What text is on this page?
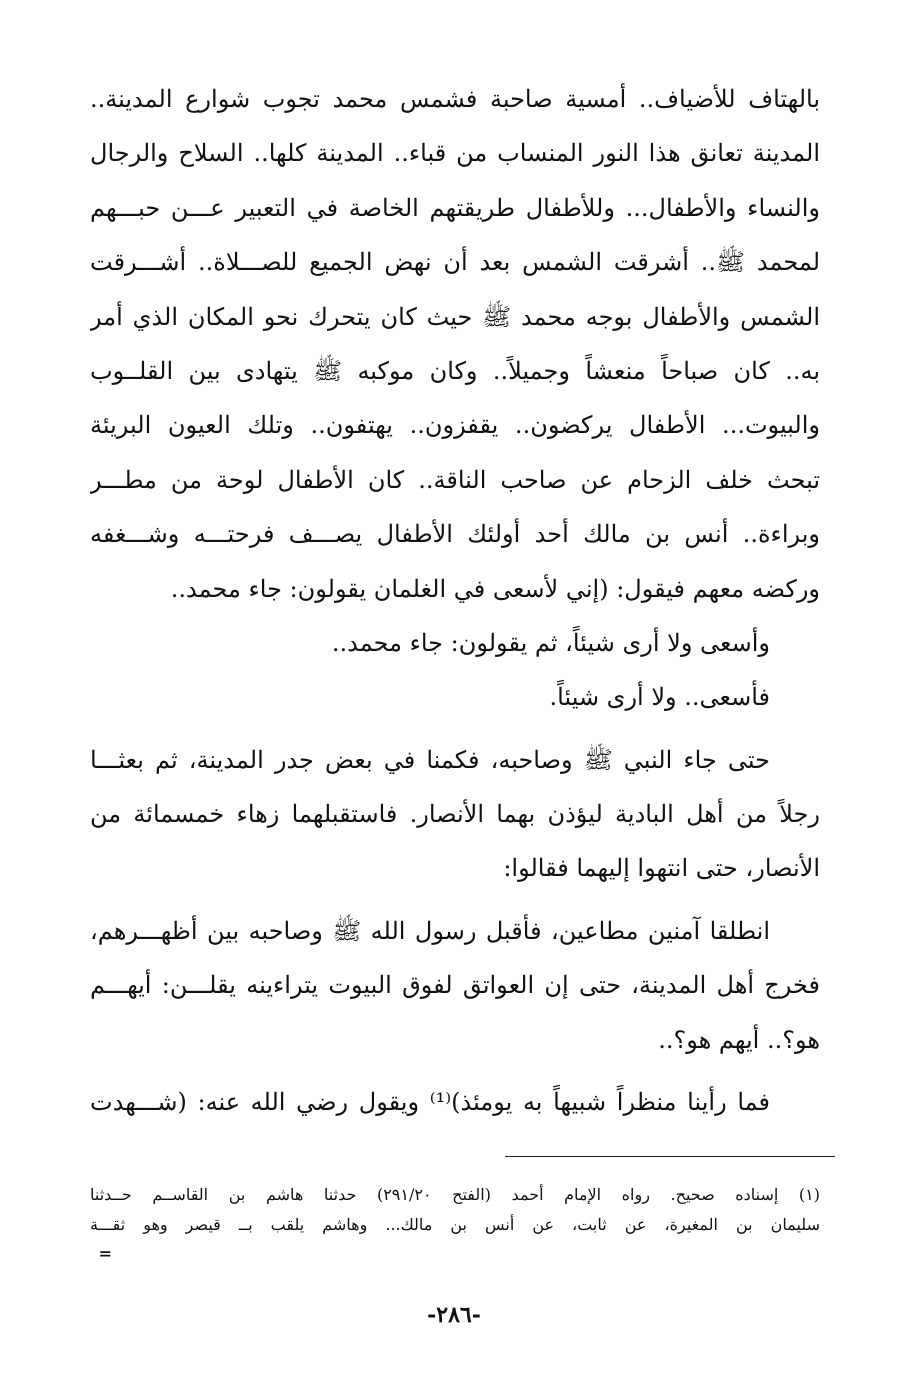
بالهتاف للأضياف.. أمسية صاحبة فشمس محمد تجوب شوارع المدينة..
المدينة تعانق هذا النور المنساب من قباء.. المدينة كلها.. السلاح والرجال
والنساء والأطفال... وللأطفال طريقتهم الخاصة في التعبير عـــن حبـــهم
لمحمد ﷺ.. أشرقت الشمس بعد أن نهض الجميع للصـــلاة.. أشـــرقت
الشمس والأطفال بوجه محمد ﷺ حيث كان يتحرك نحو المكان الذي أمر
به.. كان صباحاً منعشاً وجميلاً.. وكان موكبه ﷺ يتهادى بين القلــوب
والبيوت... الأطفال يركضون.. يقفزون.. يهتفون.. وتلك العيون البريئة
تبحث خلف الزحام عن صاحب الناقة.. كان الأطفال لوحة من مطـــر
وبراءة.. أنس بن مالك أحد أولئك الأطفال يصـــف فرحتـــه وشـــغفه
وركضه معهم فيقول: (إني لأسعى في الغلمان يقولون: جاء محمد..
وأسعى ولا أرى شيئاً، ثم يقولون: جاء محمد..
فأسعى.. ولا أرى شيئاً.
حتى جاء النبي ﷺ وصاحبه، فكمنا في بعض جدر المدينة، ثم بعثـــا
رجلاً من أهل البادية ليؤذن بهما الأنصار. فاستقبلهما زهاء خمسمائة من
الأنصار، حتى انتهوا إليهما فقالوا:
انطلقا آمنين مطاعين، فأقبل رسول الله ﷺ وصاحبه بين أظهـــرهم،
فخرج أهل المدينة، حتى إن العواتق لفوق البيوت يتراءينه يقلـــن: أيهـــم
هو؟.. أيهم هو؟..
فما رأينا منظراً شبيهاً به يومئذ)⁽¹⁾ ويقول رضي الله عنه: (شـــهدت
(١) إسناده صحيح. رواه الإمام أحمد (الفتح ٢٩١/٢٠) حدثنا هاشم بن القاســم حــدثنا
سليمان بن المغيرة، عن ثابت، عن أنس بن مالك... وهاشم يلقب بــ قيصر وهو ثقـــة
=
-٢٨٦-
